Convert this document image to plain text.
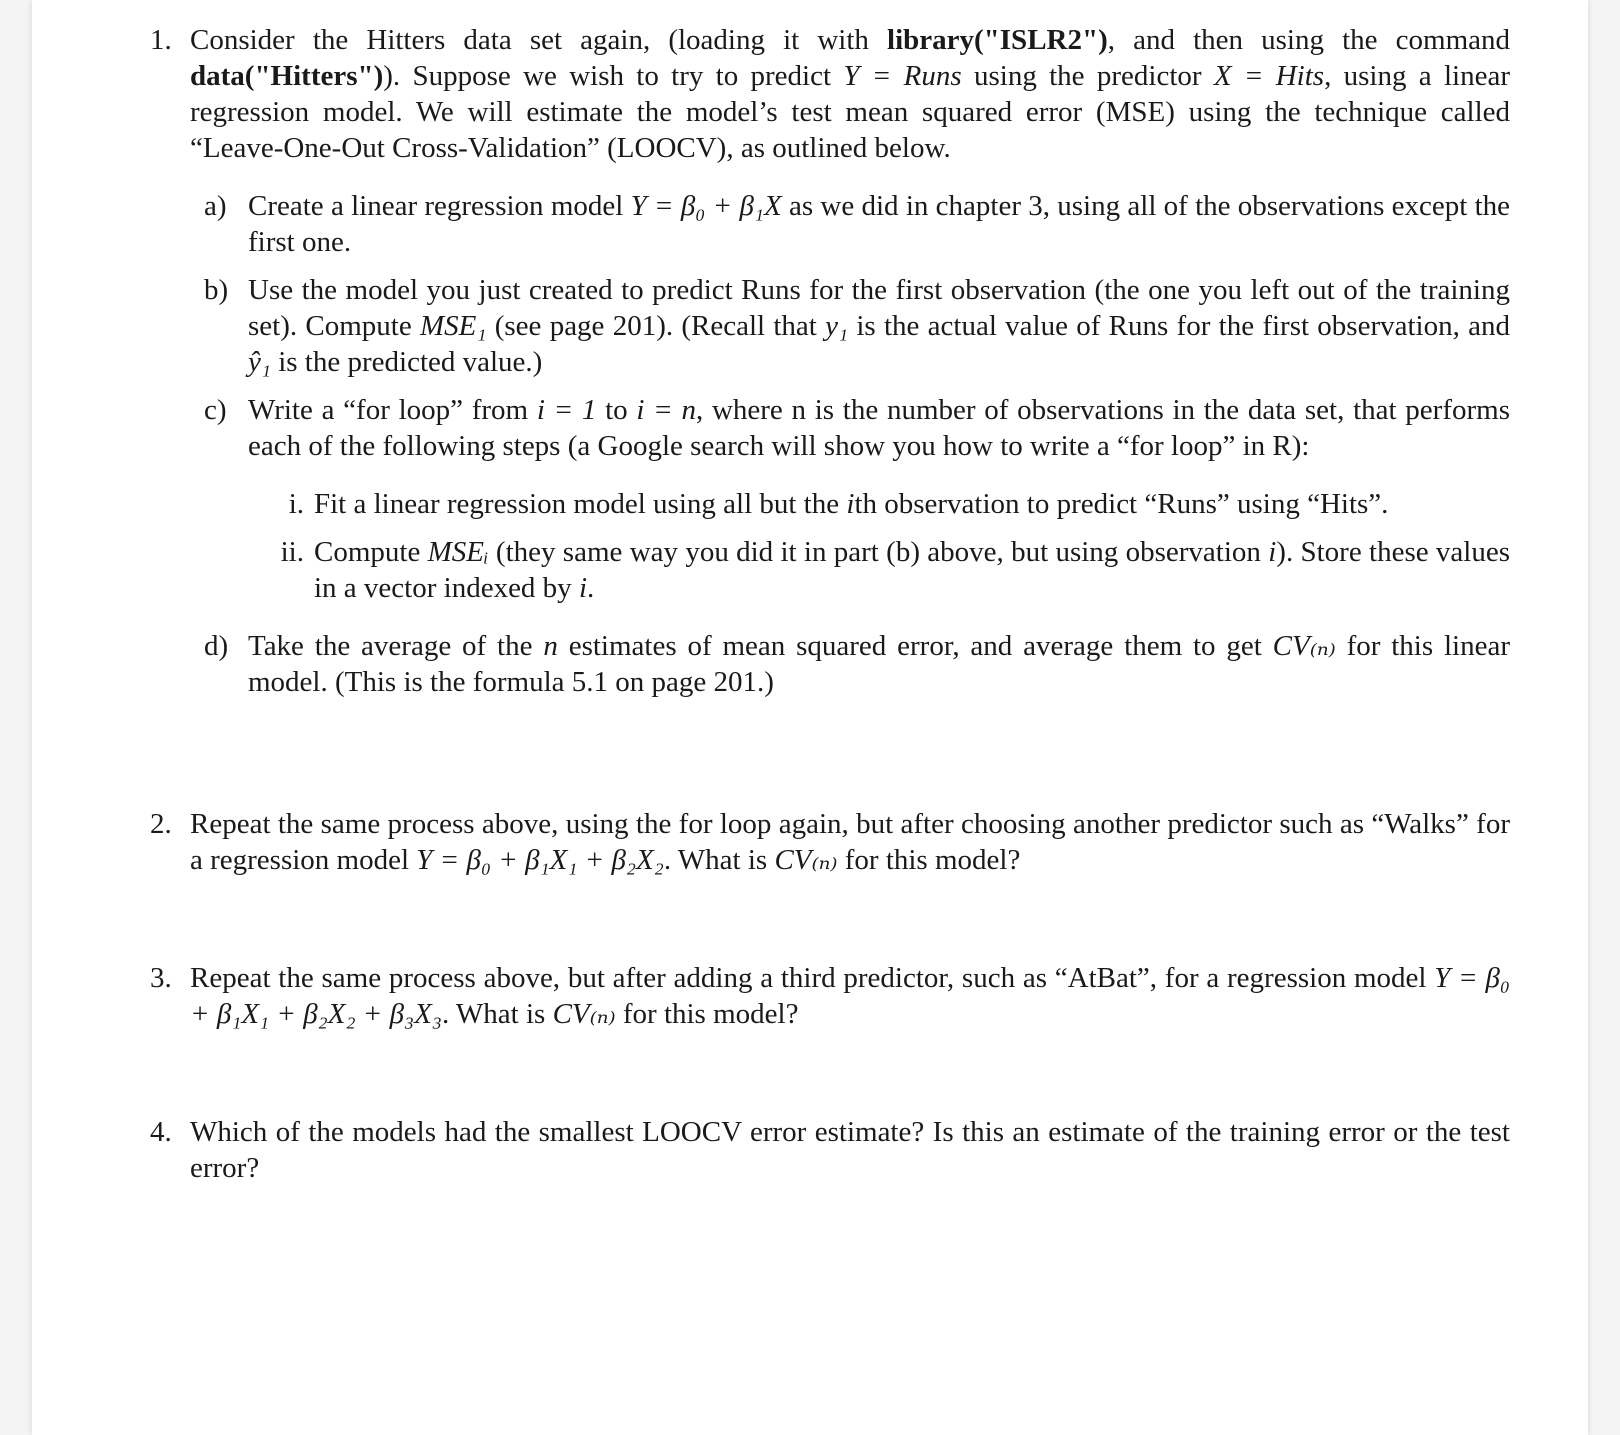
1. Consider the Hitters data set again, (loading it with library("ISLR2"), and then using the command data("Hitters")). Suppose we wish to try to predict Y = Runs using the predictor X = Hits, using a linear regression model. We will estimate the model’s test mean squared error (MSE) using the technique called “Leave-One-Out Cross-Validation” (LOOCV), as outlined below.
a) Create a linear regression model Y = β₀ + β₁X as we did in chapter 3, using all of the observations except the first one.
b) Use the model you just created to predict Runs for the first observation (the one you left out of the training set). Compute MSE₁ (see page 201). (Recall that y₁ is the actual value of Runs for the first observation, and ŷ₁ is the predicted value.)
c) Write a “for loop” from i = 1 to i = n, where n is the number of observations in the data set, that performs each of the following steps (a Google search will show you how to write a “for loop” in R):
i. Fit a linear regression model using all but the ith observation to predict “Runs” using “Hits”.
ii. Compute MSEᵢ (they same way you did it in part (b) above, but using observation i). Store these values in a vector indexed by i.
d) Take the average of the n estimates of mean squared error, and average them to get CV₍ₙ₎ for this linear model. (This is the formula 5.1 on page 201.)
2. Repeat the same process above, using the for loop again, but after choosing another predictor such as “Walks” for a regression model Y = β₀ + β₁X₁ + β₂X₂. What is CV₍ₙ₎ for this model?
3. Repeat the same process above, but after adding a third predictor, such as “AtBat”, for a regression model Y = β₀ + β₁X₁ + β₂X₂ + β₃X₃. What is CV₍ₙ₎ for this model?
4. Which of the models had the smallest LOOCV error estimate? Is this an estimate of the training error or the test error?
